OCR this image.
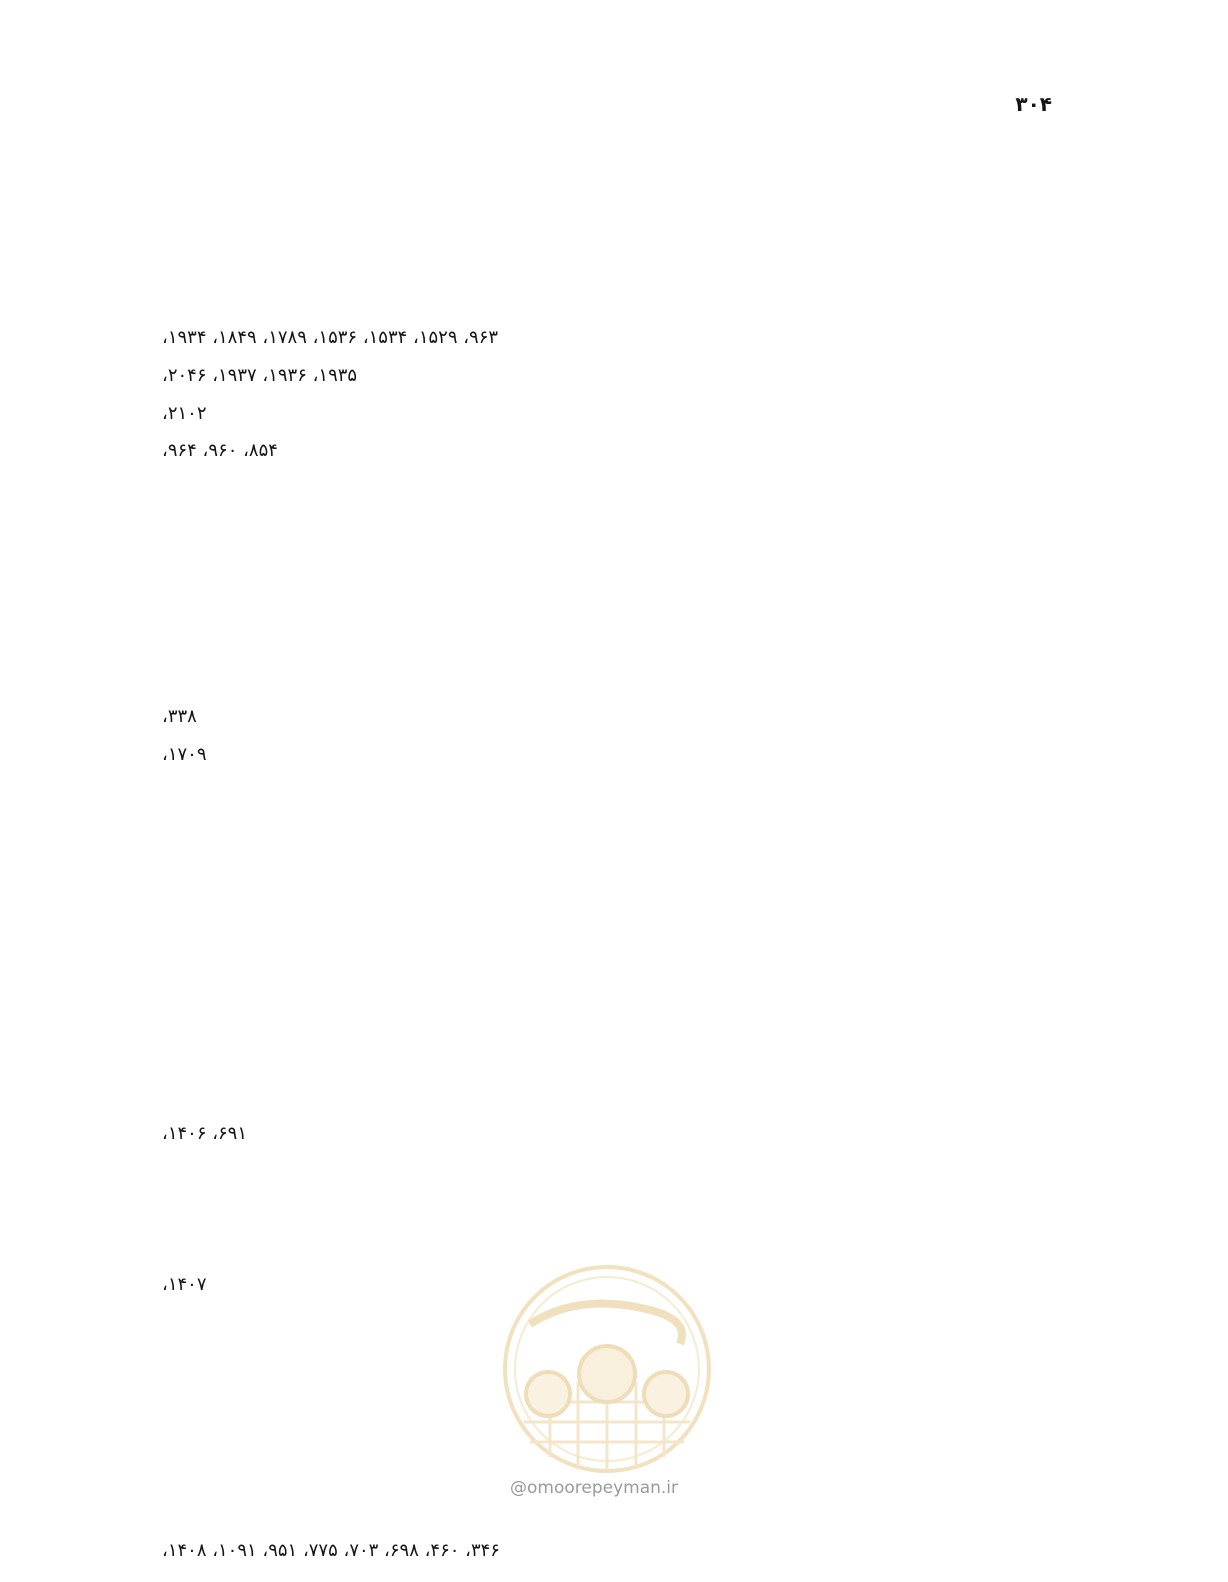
۳۰۴
۹۶۳، ۱۵۲۹، ۱۵۳۴، ۱۵۳۶، ۱۷۸۹، ۱۸۴۹، ۱۹۳۴،
۱۹۳۵، ۱۹۳۶، ۱۹۳۷، ۲۰۴۶،
۲۱۰۲،
۸۵۴، ۹۶۰، ۹۶۴،
۳۳۸،
۱۷۰۹،
۶۹۱، ۱۴۰۶،
۱۴۰۷،
۳۴۶، ۴۶۰، ۶۹۸، ۷۰۳، ۷۷۵، ۹۵۱، ۱۰۹۱، ۱۴۰۸،
@omoorepeyman.ir
